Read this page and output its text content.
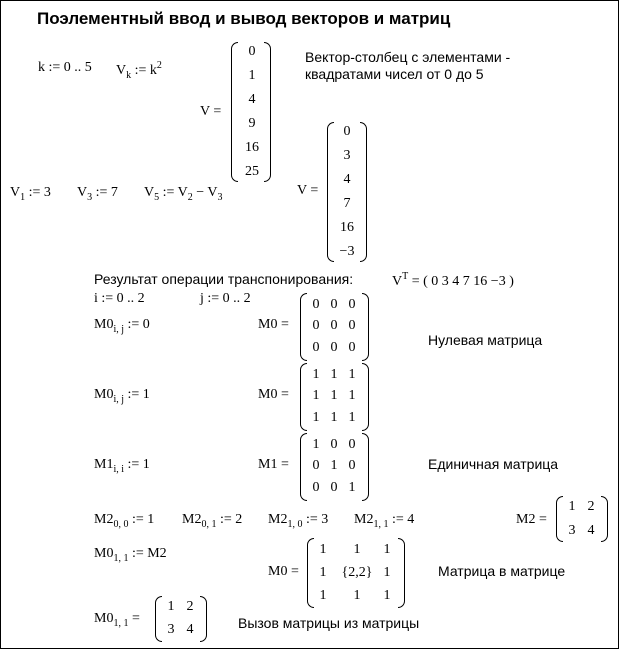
Поэлементный ввод и вывод векторов и матриц
k := 0 .. 5 $V_k$ := $k^2$
Вектор-столбец с элементами -
квадратами чисел от 0 до 5
V =
0
1
4
9
16
25
$V_1$ := 3 $V_3$ := 7 $V_5$ := $V_2 - V_3$	V =
0
3
4
7
16
−3
Результат операции транспонирования:	$V^T$ = ( 0 3 4 7 16 −3 )
i := 0 .. 2	j := 0 .. 2
$M0_{i, j}$ := 0	M0 =
0 0 0
0 0 0
0 0 0	Нулевая матрица
$M0_{i, j}$ := 1	M0 =
1 1 1
1 1 1
1 1 1
$M1_{i, i}$ := 1	M1 =
1 0 0
0 1 0
0 0 1
Единичная матрица
$M2_{0, 0}$ := 1 $M2_{0, 1}$ := 2 $M2_{1, 0}$ := 3 $M2_{1, 1}$ := 4	M2 =
1 2
3 4
$M0_{1, 1}$ := M2
M0 =
1	1	1
1	{2,2} 1
1	1	1
Матрица в матрице
$M0_{1, 1}$ =
1 2
3 4	Вызов матрицы из матрицы
